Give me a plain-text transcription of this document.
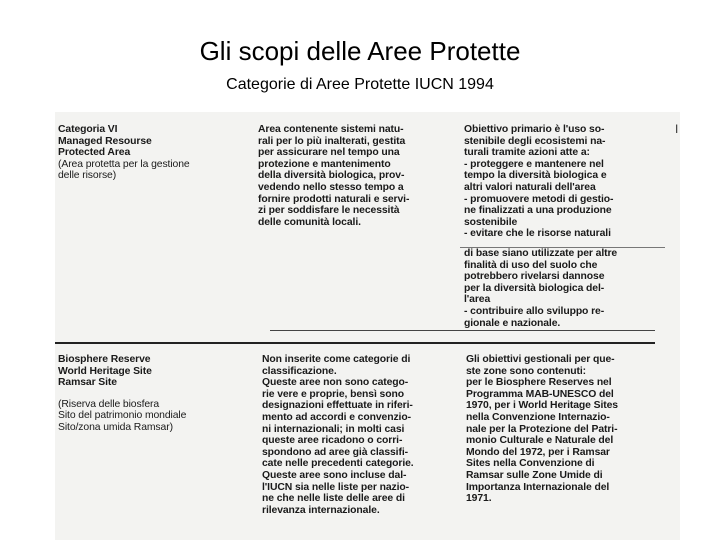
Gli scopi delle Aree Protette
Categorie di Aree Protette IUCN 1994
Categoria VI
Managed Resourse
Protected Area
(Area protetta per la gestione
delle risorse)
Area contenente sistemi natu-
rali per lo più inalterati, gestita
per assicurare nel tempo una
protezione e mantenimento
della diversità biologica, prov-
vedendo nello stesso tempo a
fornire prodotti naturali e servi-
zi per soddisfare le necessità
delle comunità locali.
Obiettivo primario è l'uso so-
stenibile degli ecosistemi na-
turali tramite azioni atte a:
- proteggere e mantenere nel
tempo la diversità biologica e
altri valori naturali dell'area
- promuovere metodi di gestio-
ne finalizzati a una produzione
sostenibile
- evitare che le risorse naturali
di base siano utilizzate per altre
finalità di uso del suolo che
potrebbero rivelarsi dannose
per la diversità biologica del-
l'area
- contribuire allo sviluppo re-
gionale e nazionale.
I
Biosphere Reserve
World Heritage Site
Ramsar Site
(Riserva delle biosfera
Sito del patrimonio mondiale
Sito/zona umida Ramsar)
Non inserite come categorie di
classificazione.
Queste aree non sono catego-
rie vere e proprie, bensì sono
designazioni effettuate in riferi-
mento ad accordi e convenzio-
ni internazionali; in molti casi
queste aree ricadono o corri-
spondono ad aree già classifi-
cate nelle precedenti categorie.
Queste aree sono incluse dal-
l'IUCN sia nelle liste per nazio-
ne che nelle liste delle aree di
rilevanza internazionale.
Gli obiettivi gestionali per que-
ste zone sono contenuti:
per le Biosphere Reserves nel
Programma MAB-UNESCO del
1970, per i World Heritage Sites
nella Convenzione Internazio-
nale per la Protezione del Patri-
monio Culturale e Naturale del
Mondo del 1972, per i Ramsar
Sites nella Convenzione di
Ramsar sulle Zone Umide di
Importanza Internazionale del
1971.
